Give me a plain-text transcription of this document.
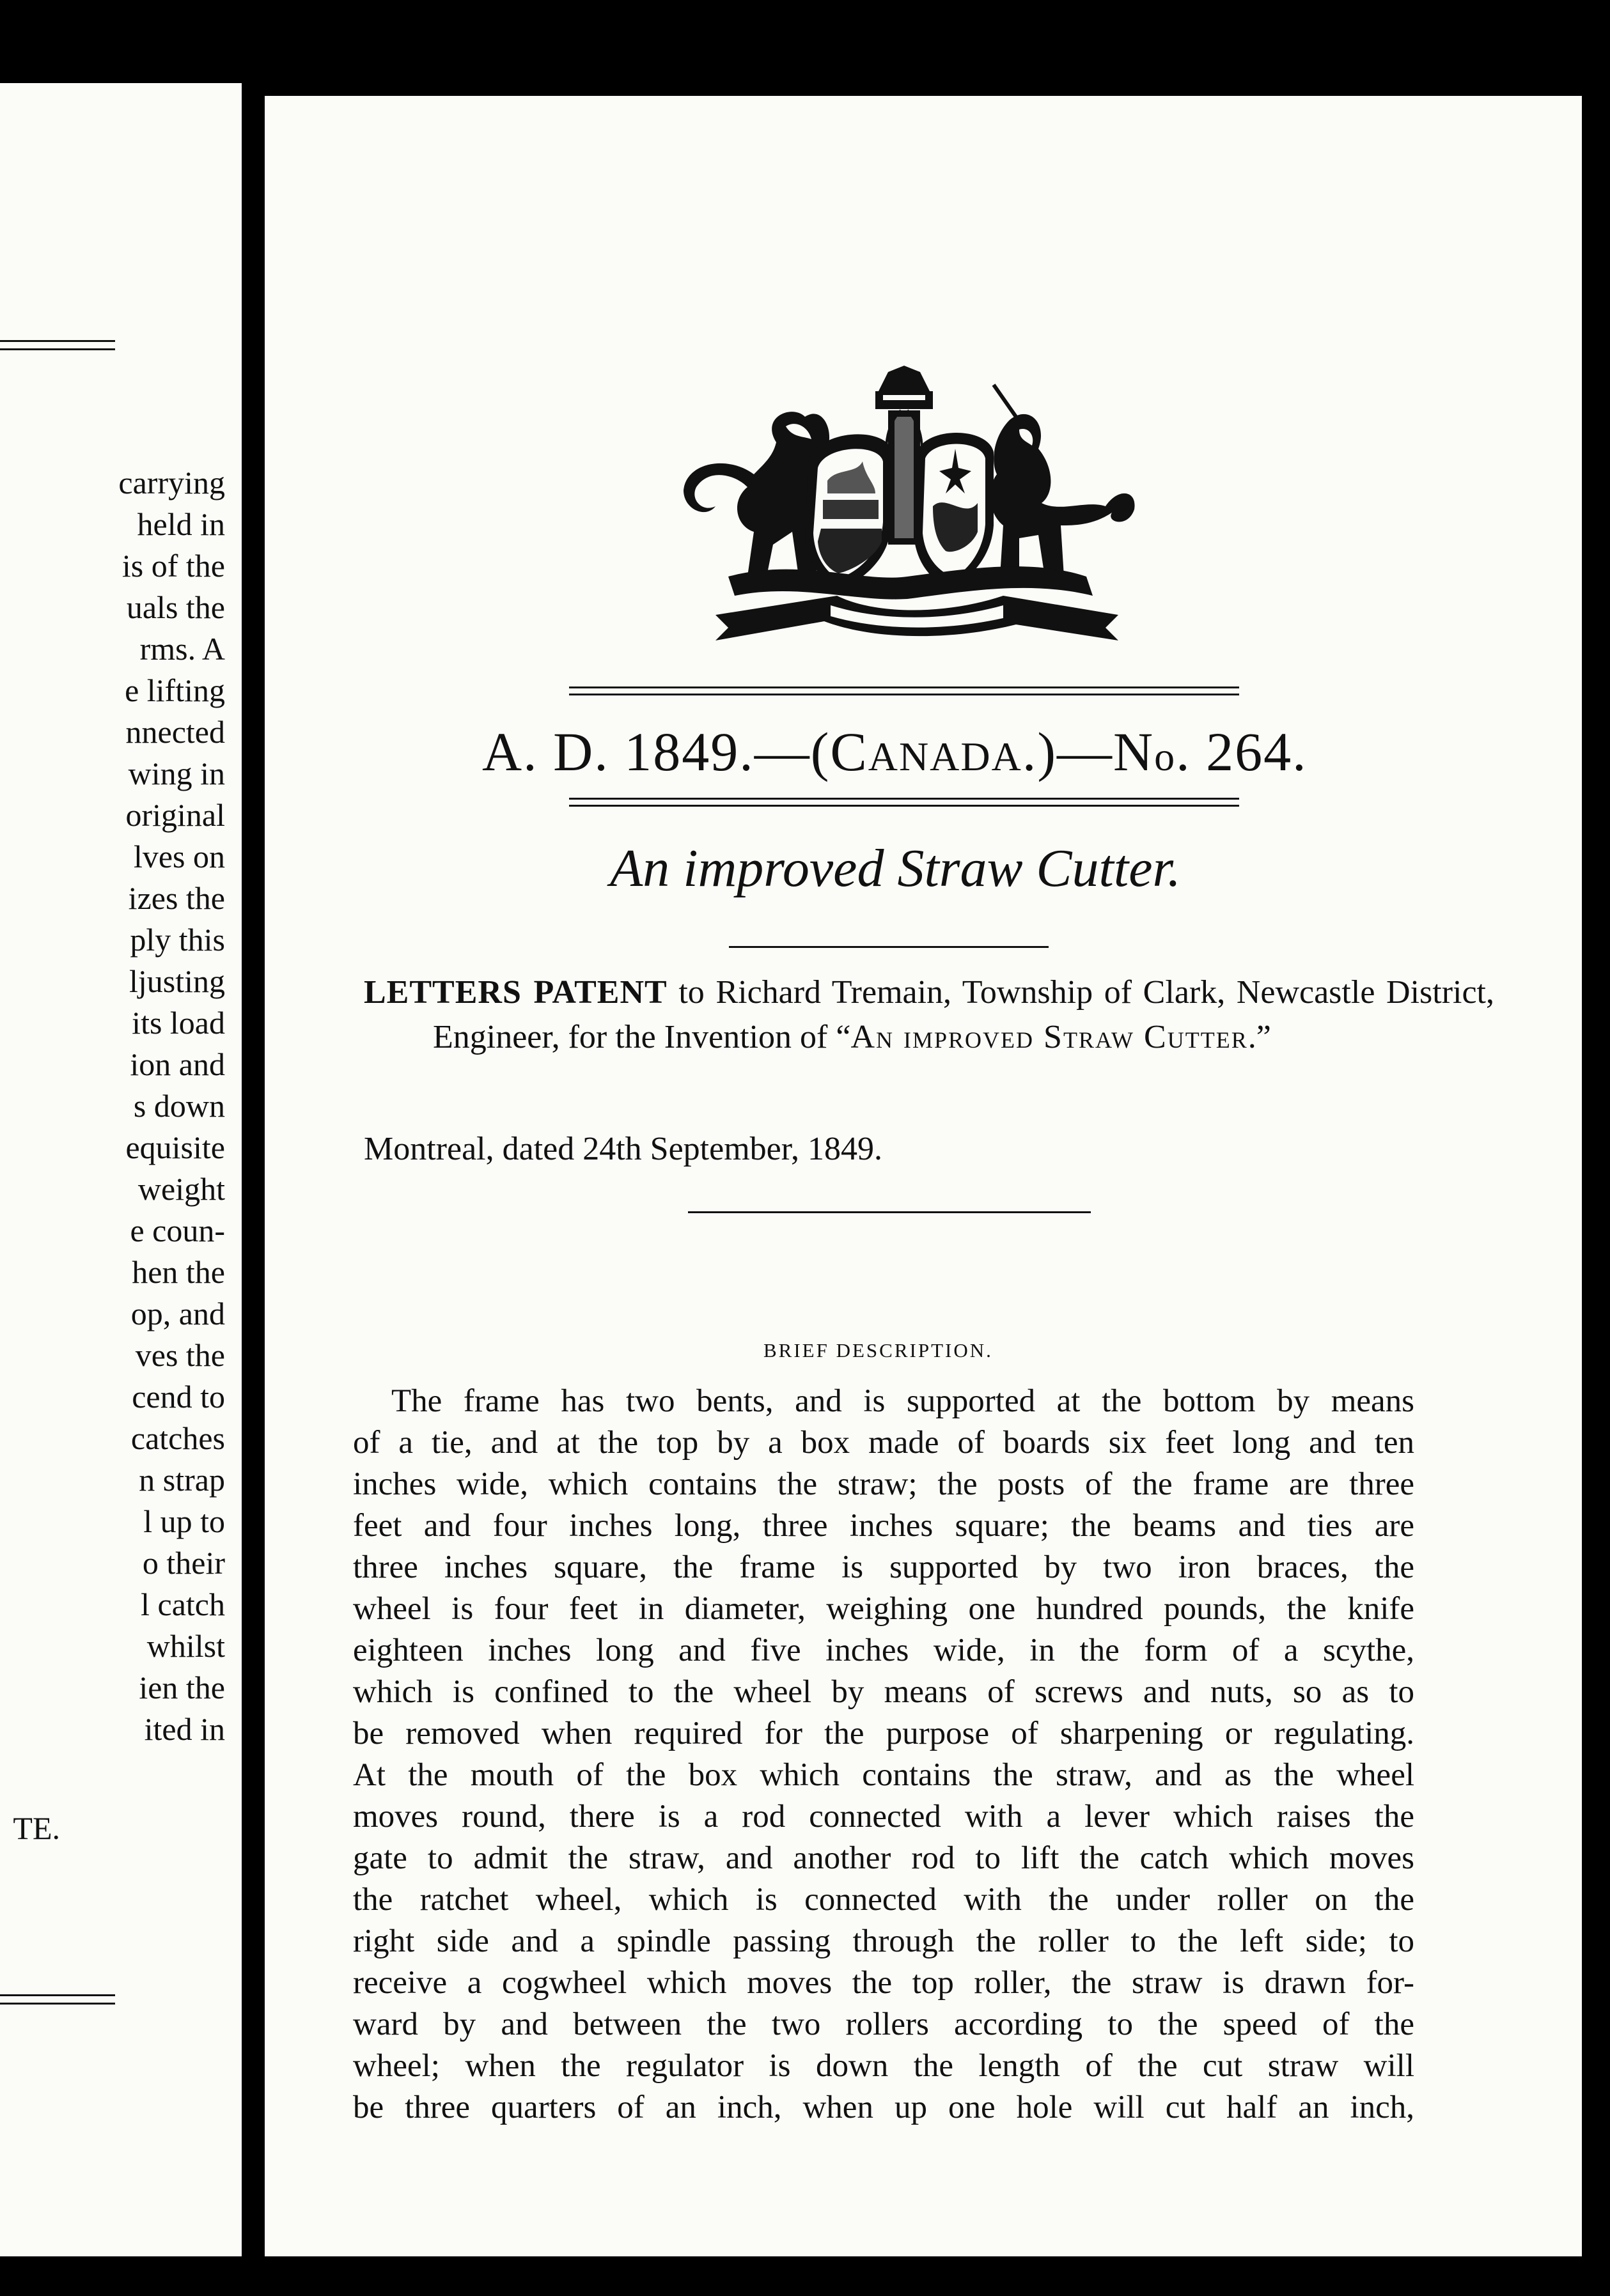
carrying
held in
is of the
uals the
rms. A
e lifting
nnected
wing in
original
lves on
izes the
ply this
ljusting
its load
ion and
s down
equisite
weight
e coun-
hen the
op, and
ves the
cend to
catches
n strap
l up to
o their
l catch
whilst
ien the
ited in
TE.
A. D. 1849.—(CANADA.)—No. 264.
An improved Straw Cutter.
LETTERS PATENT to Richard Tremain, Township of Clark, Newcastle District, Engineer, for the Invention of “An improved Straw Cutter.”
Montreal, dated 24th September, 1849.
BRIEF DESCRIPTION.
The frame has two bents, and is supported at the bottom by means
of a tie, and at the top by a box made of boards six feet long and ten
inches wide, which contains the straw; the posts of the frame are three
feet and four inches long, three inches square; the beams and ties are
three inches square, the frame is supported by two iron braces, the
wheel is four feet in diameter, weighing one hundred pounds, the knife
eighteen inches long and five inches wide, in the form of a scythe,
which is confined to the wheel by means of screws and nuts, so as to
be removed when required for the purpose of sharpening or regulating.
At the mouth of the box which contains the straw, and as the wheel
moves round, there is a rod connected with a lever which raises the
gate to admit the straw, and another rod to lift the catch which moves
the ratchet wheel, which is connected with the under roller on the
right side and a spindle passing through the roller to the left side; to
receive a cogwheel which moves the top roller, the straw is drawn for-
ward by and between the two rollers according to the speed of the
wheel; when the regulator is down the length of the cut straw will
be three quarters of an inch, when up one hole will cut half an inch,
